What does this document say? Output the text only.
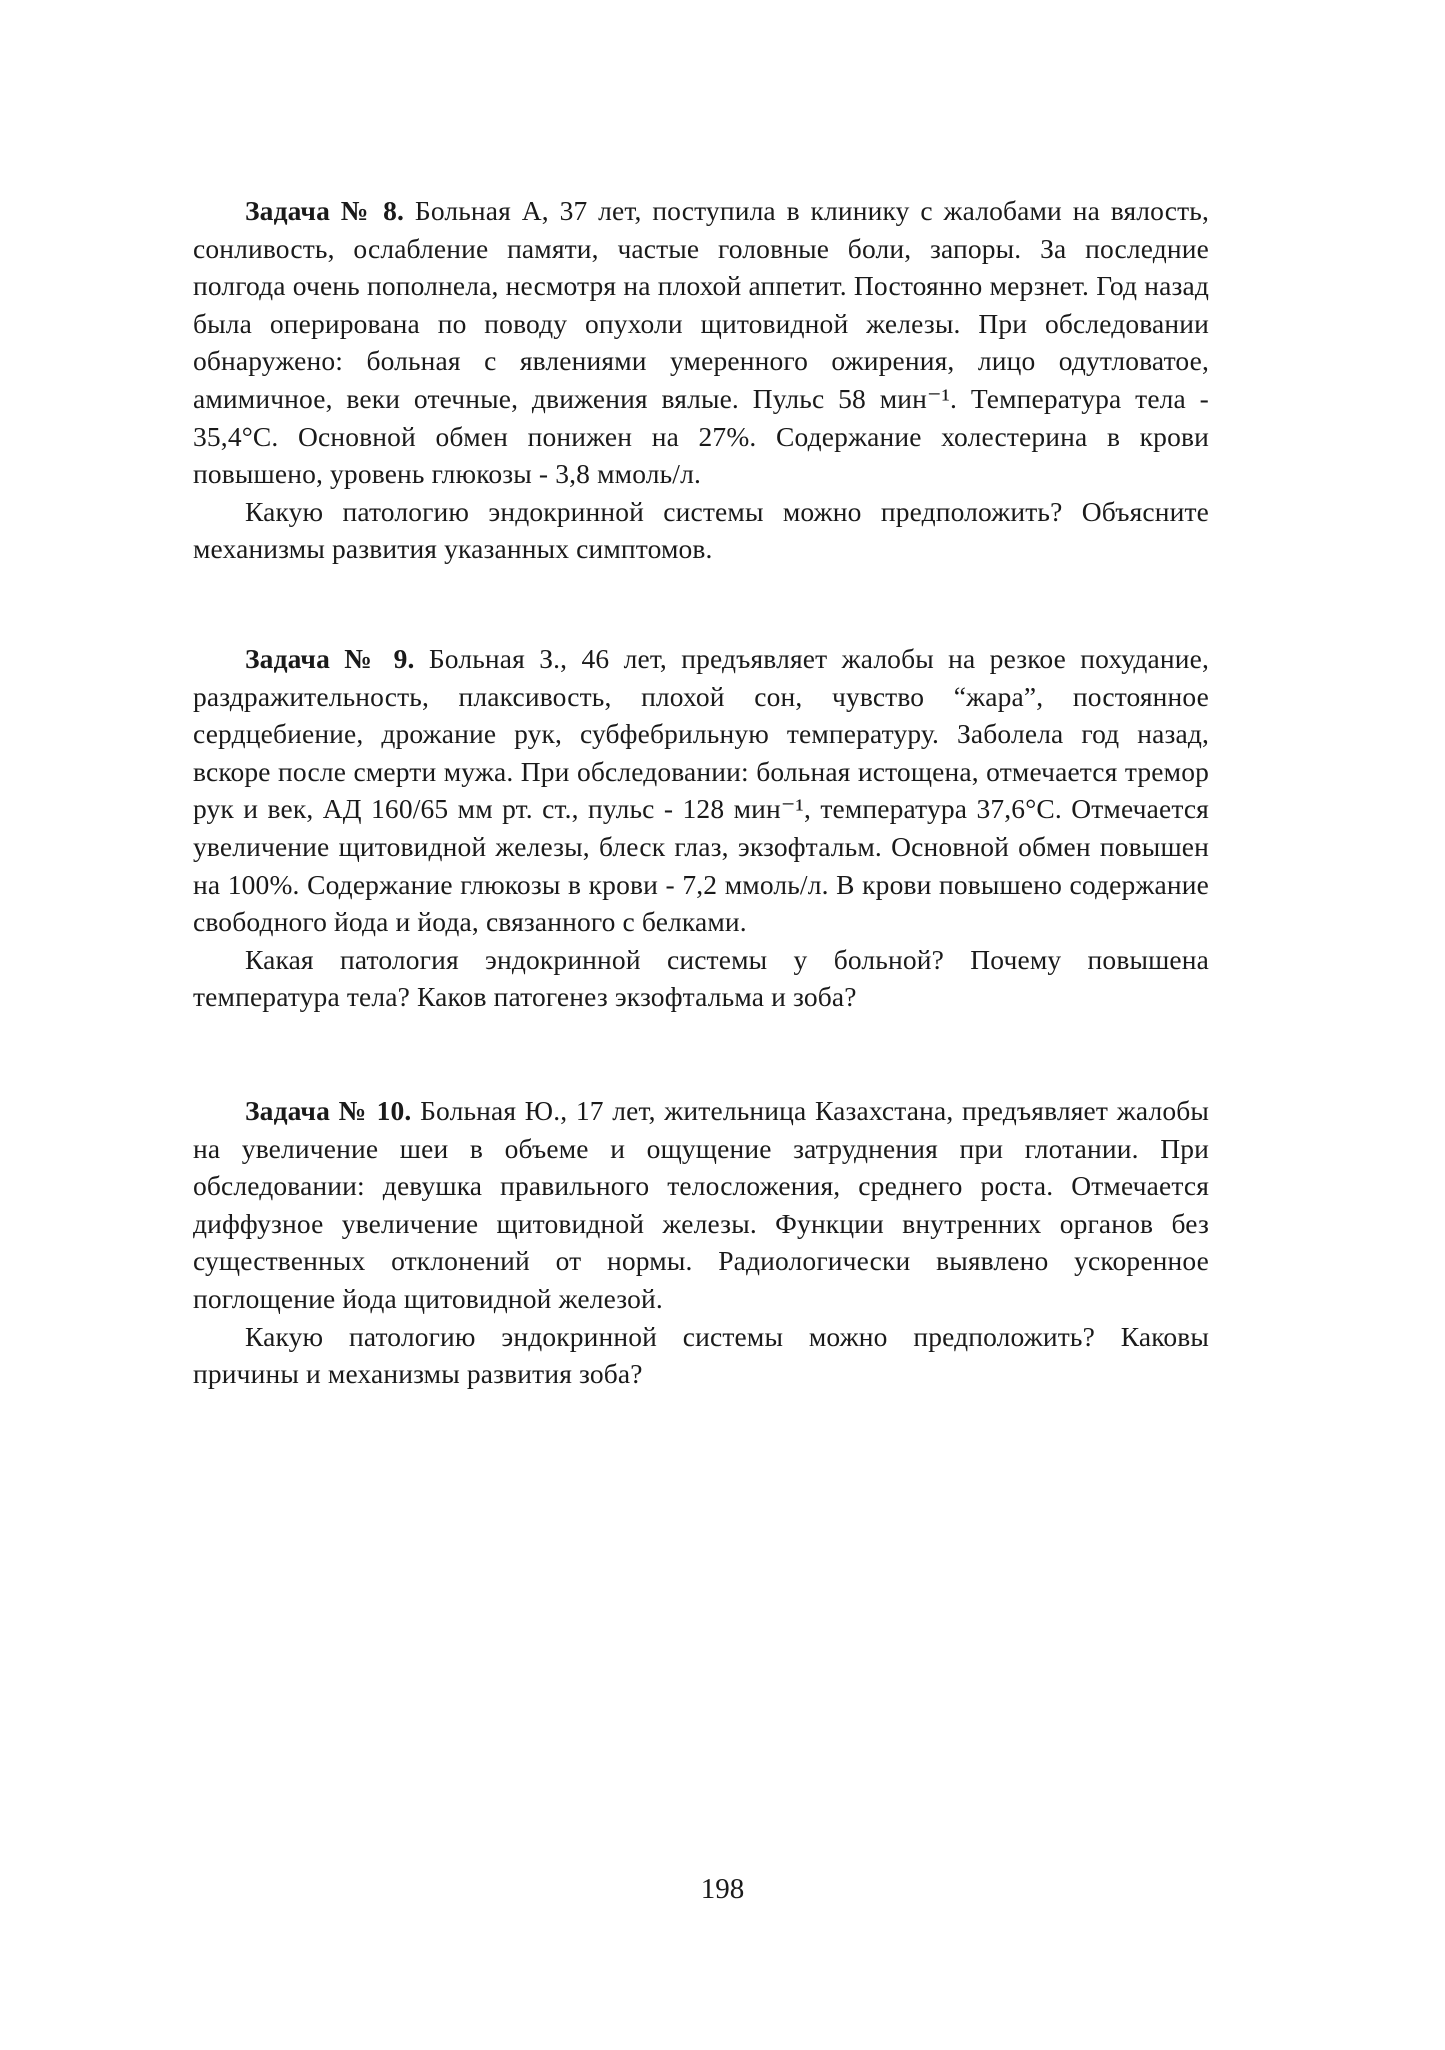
Задача № 8. Больная А, 37 лет, поступила в клинику с жалобами на вялость, сонливость, ослабление памяти, частые головные боли, запоры. За последние полгода очень пополнела, несмотря на плохой аппетит. Постоянно мерзнет. Год назад была оперирована по поводу опухоли щитовидной железы. При обследовании обнаружено: больная с явлениями умеренного ожирения, лицо одутловатое, амимичное, веки отечные, движения вялые. Пульс 58 мин⁻¹. Температура тела - 35,4°С. Основной обмен понижен на 27%. Содержание холестерина в крови повышено, уровень глюкозы - 3,8 ммоль/л.

Какую патологию эндокринной системы можно предположить? Объясните механизмы развития указанных симптомов.

Задача № 9. Больная З., 46 лет, предъявляет жалобы на резкое похудание, раздражительность, плаксивость, плохой сон, чувство “жара”, постоянное сердцебиение, дрожание рук, субфебрильную температуру. Заболела год назад, вскоре после смерти мужа. При обследовании: больная истощена, отмечается тремор рук и век, АД 160/65 мм рт. ст., пульс - 128 мин⁻¹, температура 37,6°С. Отмечается увеличение щитовидной железы, блеск глаз, экзофтальм. Основной обмен повышен на 100%. Содержание глюкозы в крови - 7,2 ммоль/л. В крови повышено содержание свободного йода и йода, связанного с белками.

Какая патология эндокринной системы у больной? Почему повышена температура тела? Каков патогенез экзофтальма и зоба?

Задача № 10. Больная Ю., 17 лет, жительница Казахстана, предъявляет жалобы на увеличение шеи в объеме и ощущение затруднения при глотании. При обследовании: девушка правильного телосложения, среднего роста. Отмечается диффузное увеличение щитовидной железы. Функции внутренних органов без существенных отклонений от нормы. Радиологически выявлено ускоренное поглощение йода щитовидной железой.

Какую патологию эндокринной системы можно предположить? Каковы причины и механизмы развития зоба?

198
